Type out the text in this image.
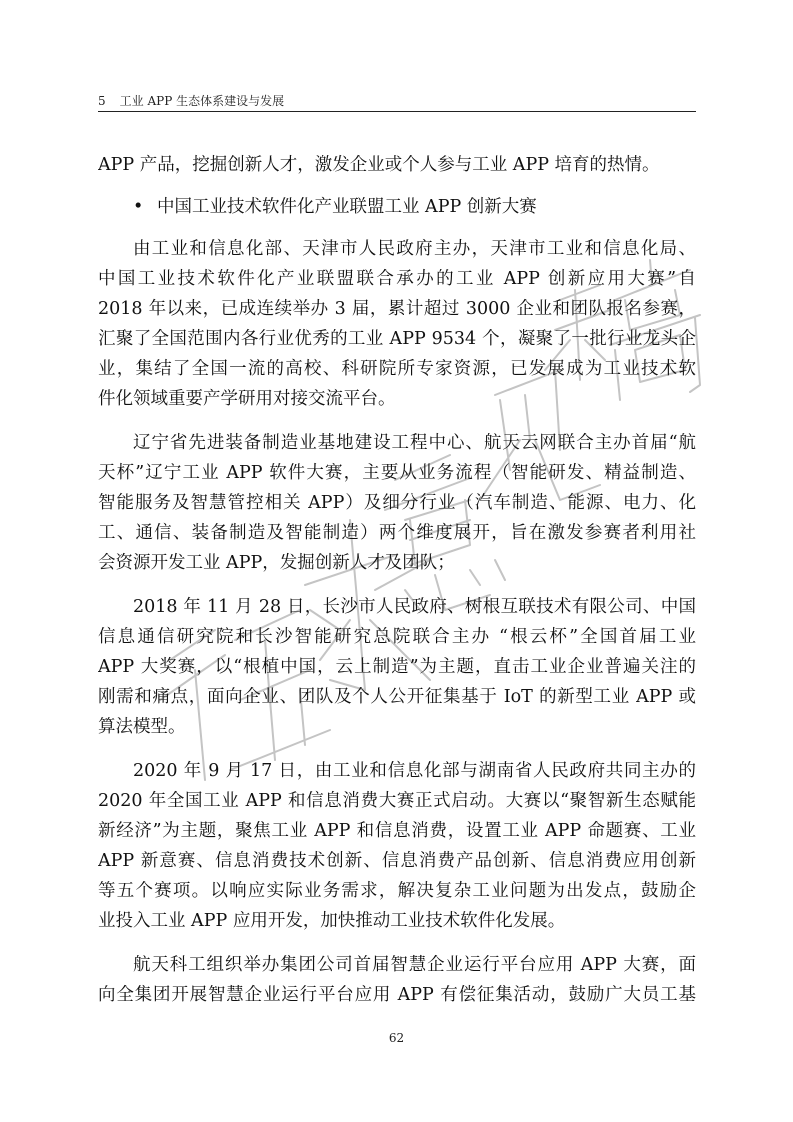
5 工业 APP 生态体系建设与发展
APP 产品，挖掘创新人才，激发企业或个人参与工业 APP 培育的热情。
• 中国工业技术软件化产业联盟工业 APP 创新大赛
由工业和信息化部、天津市人民政府主办，天津市工业和信息化局、
中国工业技术软件化产业联盟联合承办的工业 APP 创新应用大赛”自
2018 年以来，已成连续举办 3 届，累计超过 3000 企业和团队报名参赛，
汇聚了全国范围内各行业优秀的工业 APP 9534 个，凝聚了一批行业龙头企
业，集结了全国一流的高校、科研院所专家资源，已发展成为工业技术软
件化领域重要产学研用对接交流平台。
辽宁省先进装备制造业基地建设工程中心、航天云网联合主办首届“航
天杯”辽宁工业 APP 软件大赛，主要从业务流程（智能研发、精益制造、
智能服务及智慧管控相关 APP）及细分行业（汽车制造、能源、电力、化
工、通信、装备制造及智能制造）两个维度展开，旨在激发参赛者利用社
会资源开发工业 APP，发掘创新人才及团队；
2018 年 11 月 28 日，长沙市人民政府、树根互联技术有限公司、中国
信息通信研究院和长沙智能研究总院联合主办 “根云杯”全国首届工业
APP 大奖赛，以“根植中国，云上制造”为主题，直击工业企业普遍关注的
刚需和痛点，面向企业、团队及个人公开征集基于 IoT 的新型工业 APP 或
算法模型。
2020 年 9 月 17 日，由工业和信息化部与湖南省人民政府共同主办的
2020 年全国工业 APP 和信息消费大赛正式启动。大赛以“聚智新生态赋能
新经济”为主题，聚焦工业 APP 和信息消费，设置工业 APP 命题赛、工业
APP 新意赛、信息消费技术创新、信息消费产品创新、信息消费应用创新
等五个赛项。以响应实际业务需求，解决复杂工业问题为出发点，鼓励企
业投入工业 APP 应用开发，加快推动工业技术软件化发展。
航天科工组织举办集团公司首届智慧企业运行平台应用 APP 大赛，面
向全集团开展智慧企业运行平台应用 APP 有偿征集活动，鼓励广大员工基
62
